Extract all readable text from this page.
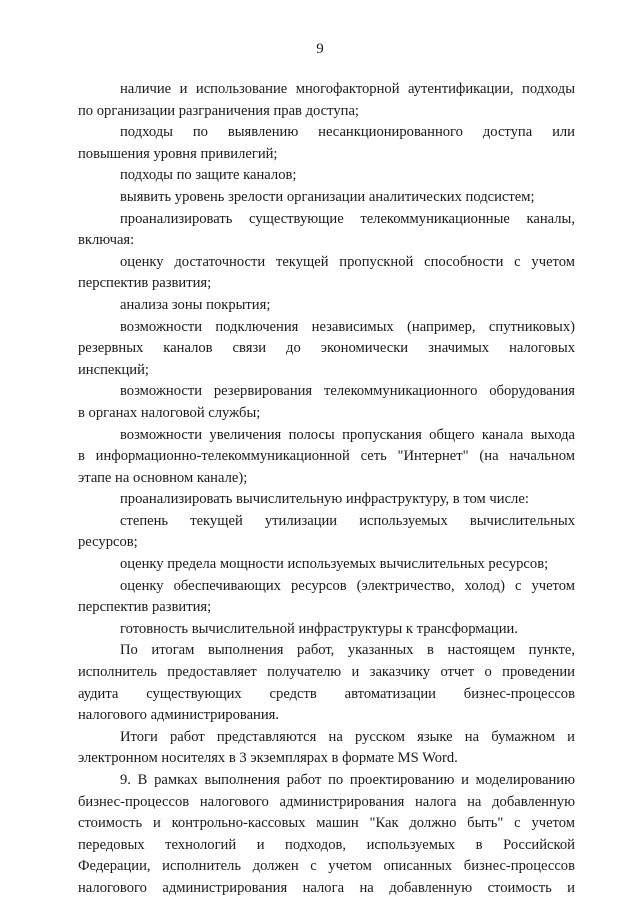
9
наличие и использование многофакторной аутентификации, подходы
по организации разграничения прав доступа;
подходы по выявлению несанкционированного доступа или
повышения уровня привилегий;
подходы по защите каналов;
выявить уровень зрелости организации аналитических подсистем;
проанализировать существующие телекоммуникационные каналы,
включая:
оценку достаточности текущей пропускной способности с учетом
перспектив развития;
анализа зоны покрытия;
возможности подключения независимых (например, спутниковых)
резервных каналов связи до экономически значимых налоговых
инспекций;
возможности резервирования телекоммуникационного оборудования
в органах налоговой службы;
возможности увеличения полосы пропускания общего канала выхода
в информационно-телекоммуникационной сеть "Интернет" (на начальном
этапе на основном канале);
проанализировать вычислительную инфраструктуру, в том числе:
степень текущей утилизации используемых вычислительных
ресурсов;
оценку предела мощности используемых вычислительных ресурсов;
оценку обеспечивающих ресурсов (электричество, холод) с учетом
перспектив развития;
готовность вычислительной инфраструктуры к трансформации.
По итогам выполнения работ, указанных в настоящем пункте,
исполнитель предоставляет получателю и заказчику отчет о проведении
аудита существующих средств автоматизации бизнес-процессов
налогового администрирования.
Итоги работ представляются на русском языке на бумажном и
электронном носителях в 3 экземплярах в формате MS Word.
9. В рамках выполнения работ по проектированию и моделированию
бизнес-процессов налогового администрирования налога на добавленную
стоимость и контрольно-кассовых машин "Как должно быть" с учетом
передовых технологий и подходов, используемых в Российской
Федерации, исполнитель должен с учетом описанных бизнес-процессов
налогового администрирования налога на добавленную стоимость и
